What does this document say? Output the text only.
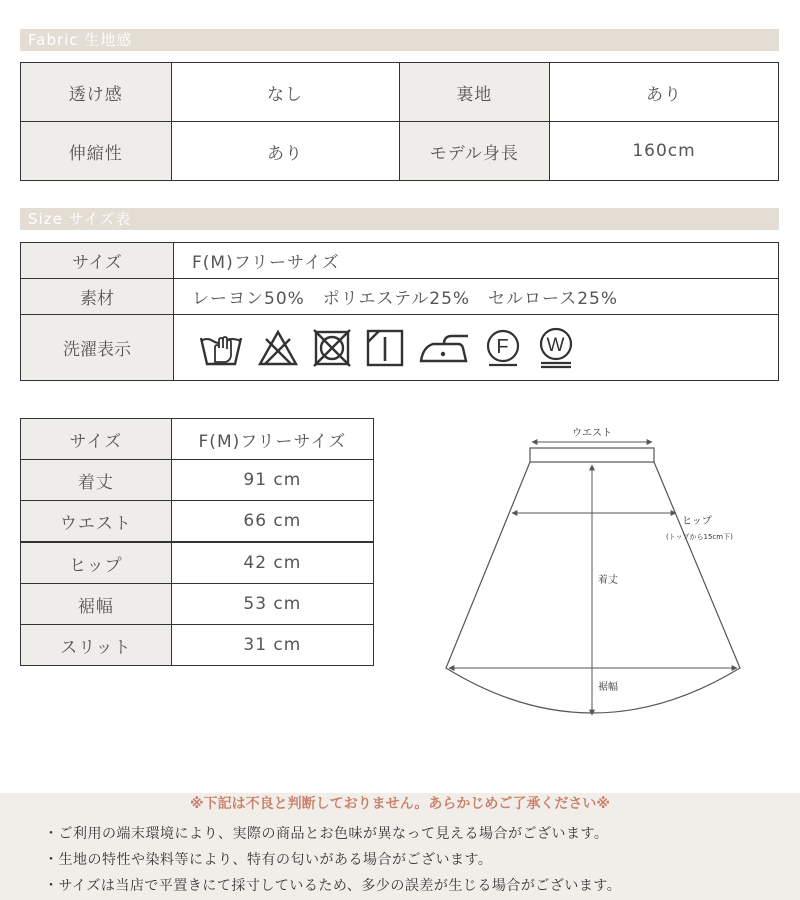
Fabric 生地感
透け感	なし	裏地	あり
伸縮性	あり	モデル身長	160cm
Size サイズ表
サイズ	F(M)フリーサイズ
素材	レーヨン50%　ポリエステル25%　セルロース25%
洗濯表示	F W
サイズ	F(M)フリーサイズ
着丈	91 cm
ウエスト	66 cm
ヒップ	42 cm
裾幅	53 cm
スリット	31 cm
ウエスト
ヒップ
(トップから15cm下)
着丈
裾幅
※下記は不良と判断しておりません。あらかじめご了承ください※
・ご利用の端末環境により、実際の商品とお色味が異なって見える場合がございます。
・生地の特性や染料等により、特有の匂いがある場合がございます。
・サイズは当店で平置きにて採寸しているため、多少の誤差が生じる場合がございます。
